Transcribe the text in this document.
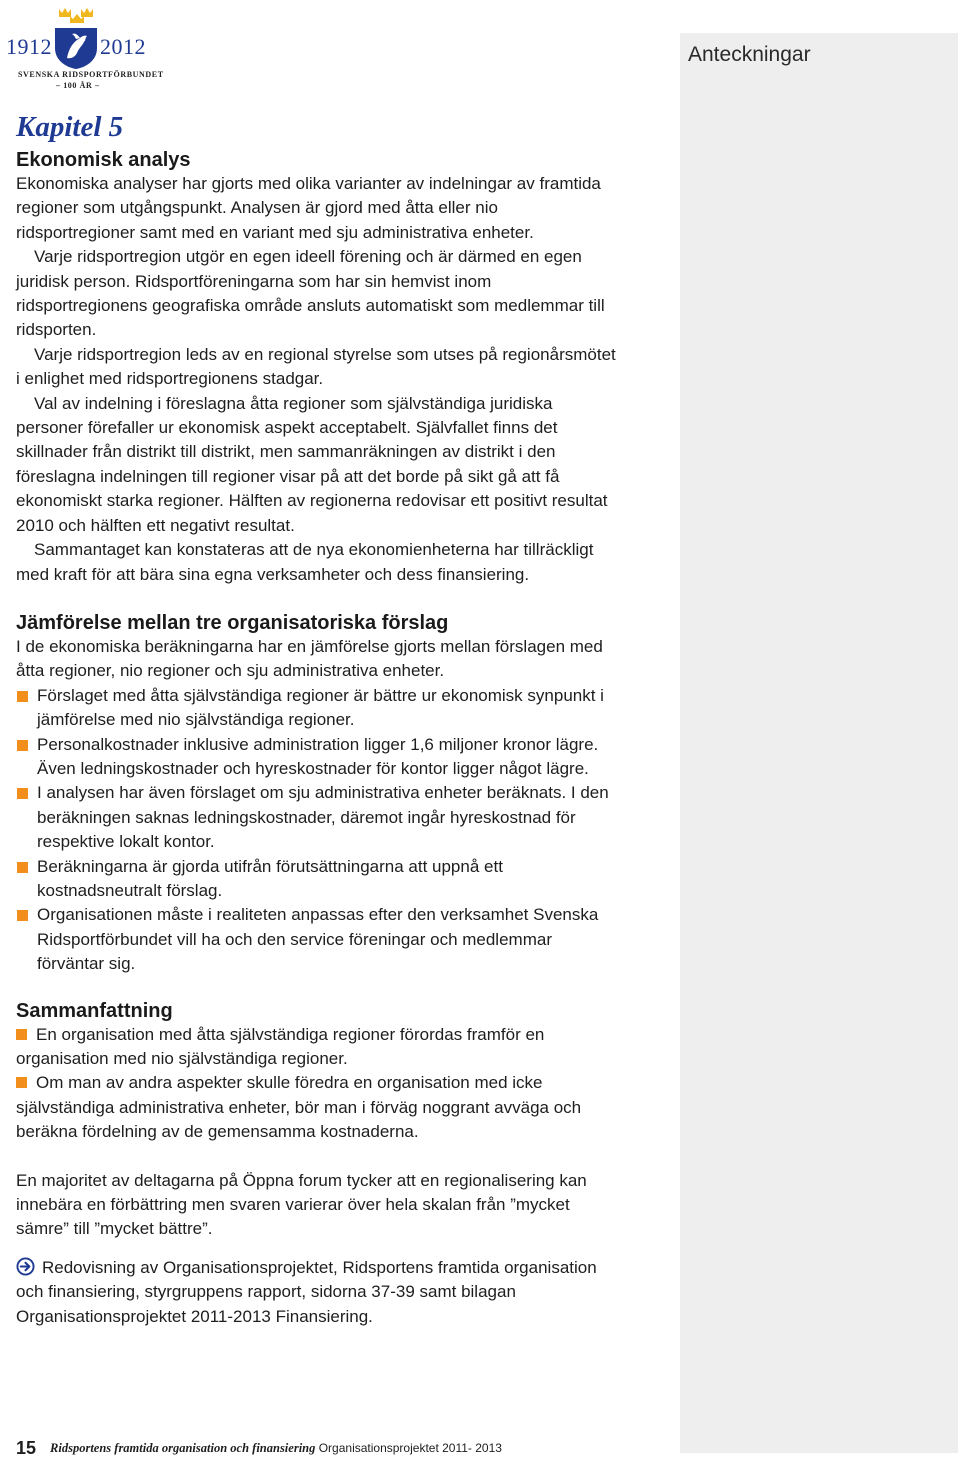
1912 2012
SVENSKA RIDSPORTFÖRBUNDET
– 100 ÅR –
Anteckningar
Kapitel 5
Ekonomisk analys

Ekonomiska analyser har gjorts med olika varianter av indelningar av framtida regioner som utgångspunkt. Analysen är gjord med åtta eller nio ridsportregioner samt med en variant med sju administrativa enheter.

Varje ridsportregion utgör en egen ideell förening och är därmed en egen juridisk person. Ridsportföreningarna som har sin hemvist inom ridsportregionens geografiska område ansluts automatiskt som medlemmar till ridsporten.

Varje ridsportregion leds av en regional styrelse som utses på regionårsmötet i enlighet med ridsportregionens stadgar.

Val av indelning i föreslagna åtta regioner som självständiga juridiska personer förefaller ur ekonomisk aspekt acceptabelt. Självfallet finns det skillnader från distrikt till distrikt, men sammanräkningen av distrikt i den föreslagna indelningen till regioner visar på att det borde på sikt gå att få ekonomiskt starka regioner. Hälften av regionerna redovisar ett positivt resultat 2010 och hälften ett negativt resultat.

Sammantaget kan konstateras att de nya ekonomienheterna har tillräckligt med kraft för att bära sina egna verksamheter och dess finansiering.

Jämförelse mellan tre organisatoriska förslag

I de ekonomiska beräkningarna har en jämförelse gjorts mellan förslagen med åtta regioner, nio regioner och sju administrativa enheter.

Förslaget med åtta självständiga regioner är bättre ur ekonomisk synpunkt i jämförelse med nio självständiga regioner.
Personalkostnader inklusive administration ligger 1,6 miljoner kronor lägre. Även ledningskostnader och hyreskostnader för kontor ligger något lägre.
I analysen har även förslaget om sju administrativa enheter beräknats. I den beräkningen saknas ledningskostnader, däremot ingår hyreskostnad för respektive lokalt kontor.
Beräkningarna är gjorda utifrån förutsättningarna att uppnå ett kostnadsneutralt förslag.
Organisationen måste i realiteten anpassas efter den verksamhet Svenska Ridsportförbundet vill ha och den service föreningar och medlemmar förväntar sig.
Sammanfattning

En organisation med åtta självständiga regioner förordas framför en organisation med nio självständiga regioner.

Om man av andra aspekter skulle föredra en organisation med icke självständiga administrativa enheter, bör man i förväg noggrant avväga och beräkna fördelning av de gemensamma kostnaderna.

En majoritet av deltagarna på Öppna forum tycker att en regionalisering kan innebära en förbättring men svaren varierar över hela skalan från ”mycket sämre” till ”mycket bättre”.

Redovisning av Organisationsprojektet, Ridsportens framtida organisation och finansiering, styrgruppens rapport, sidorna 37-39 samt bilagan Organisationsprojektet 2011-2013 Finansiering.

15 Ridsportens framtida organisation och finansiering Organisationsprojektet 2011- 2013
